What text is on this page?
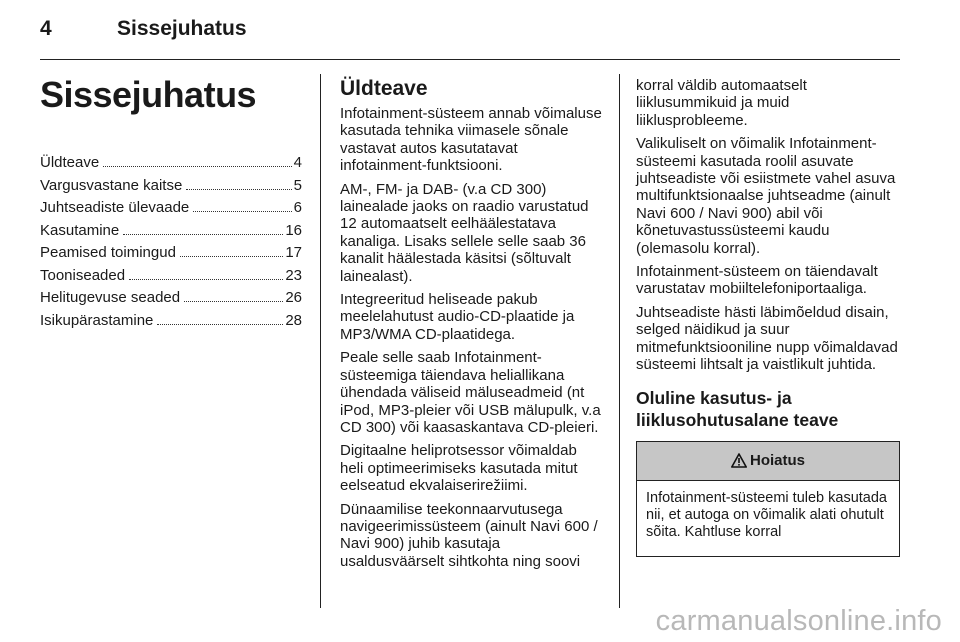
4	Sissejuhatus
Sissejuhatus
Üldteave	4
Vargusvastane kaitse	5
Juhtseadiste ülevaade	6
Kasutamine	16
Peamised toimingud	17
Tooniseaded	23
Helitugevuse seaded	26
Isikupärastamine	28
Üldteave

Infotainment-süsteem annab võimaluse kasutada tehnika viimasele sõnale vastavat autos kasutatavat infotainment-funktsiooni.

AM-, FM- ja DAB- (v.a CD 300) lainealade jaoks on raadio varustatud 12 automaatselt eelhäälestatava kanaliga. Lisaks sellele selle saab 36 kanalit häälestada käsitsi (sõltuvalt lainealast).

Integreeritud heliseade pakub meelelahutust audio-CD-plaatide ja MP3/WMA CD-plaatidega.

Peale selle saab Infotainment-süsteemiga täiendava heliallikana ühendada väliseid mäluseadmeid (nt iPod, MP3-pleier või USB mälupulk, v.a CD 300) või kaasaskantava CD-pleieri.

Digitaalne heliprotsessor võimaldab heli optimeerimiseks kasutada mitut eelseatud ekvalaiserirežiimi.

Dünaamilise teekonnaarvutusega navigeerimissüsteem (ainult Navi 600 / Navi 900) juhib kasutaja usaldusväärselt sihtkohta ning soovi

korral väldib automaatselt liiklusummikuid ja muid liiklusprobleeme.

Valikuliselt on võimalik Infotainment-süsteemi kasutada roolil asuvate juhtseadiste või esiistmete vahel asuva multifunktsionaalse juhtseadme (ainult Navi 600 / Navi 900) abil või kõnetuvastussüsteemi kaudu (olemasolu korral).

Infotainment-süsteem on täiendavalt varustatav mobiiltelefoniportaaliga.

Juhtseadiste hästi läbimõeldud disain, selged näidikud ja suur mitmefunktsiooniline nupp võimaldavad süsteemi lihtsalt ja vaistlikult juhtida.

Oluline kasutus- ja liiklusohutusalane teave
Hoiatus

Infotainment-süsteemi tuleb kasutada nii, et autoga on võimalik alati ohutult sõita. Kahtluse korral

carmanualsonline.info
